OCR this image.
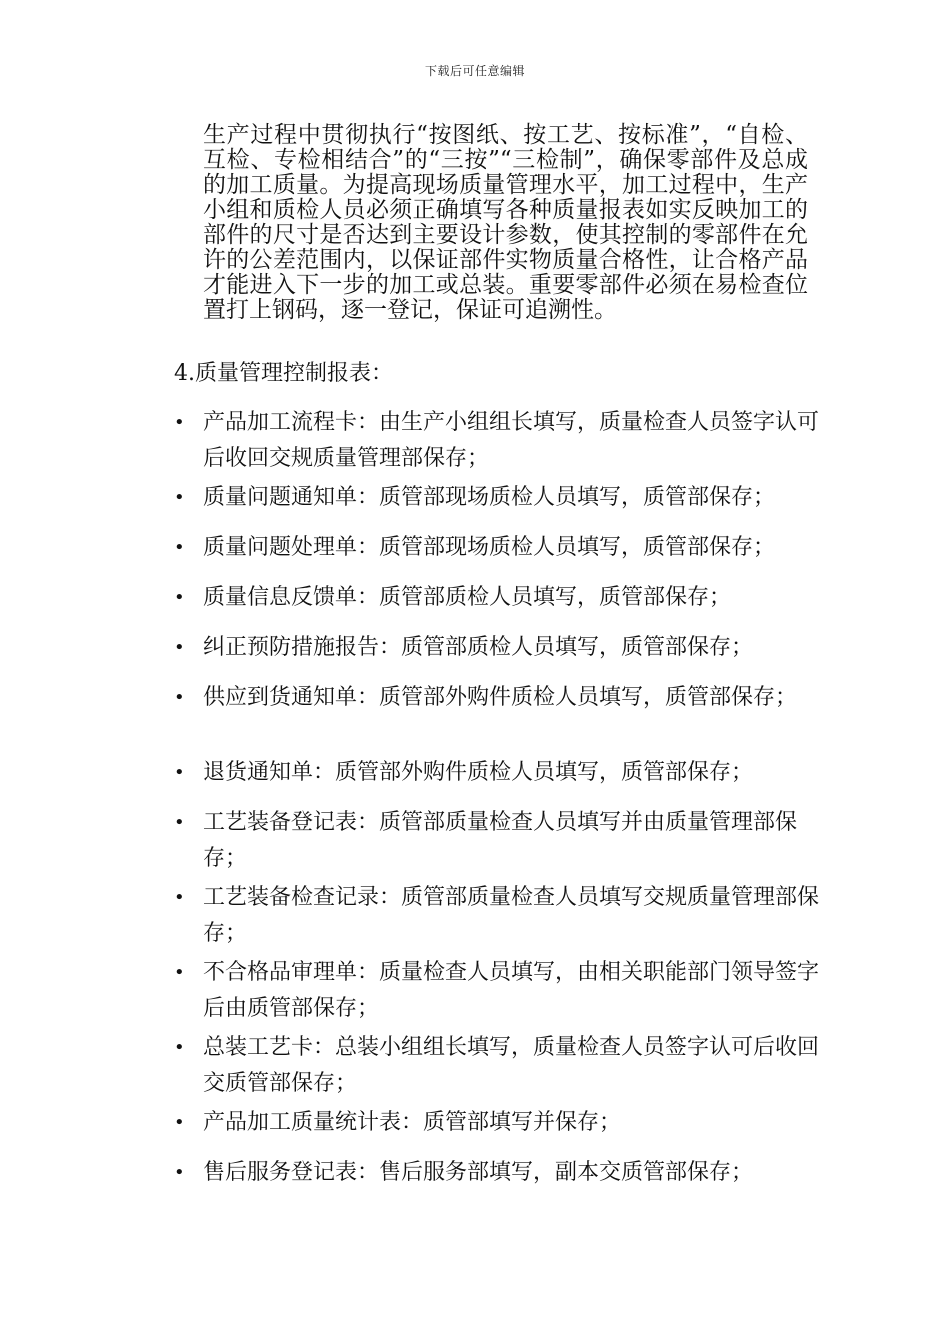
下载后可任意编辑

生产过程中贯彻执行“按图纸、按工艺、按标准”，“自检、互检、专检相结合”的“三按”“三检制”，确保零部件及总成的加工质量。为提高现场质量管理水平，加工过程中，生产小组和质检人员必须正确填写各种质量报表如实反映加工的部件的尺寸是否达到主要设计参数，使其控制的零部件在允许的公差范围内，以保证部件实物质量合格性，让合格产品才能进入下一步的加工或总装。重要零部件必须在易检查位置打上钢码，逐一登记，保证可追溯性。

4.质量管理控制报表：

• 产品加工流程卡：由生产小组组长填写，质量检查人员签字认可后收回交规质量管理部保存；
• 质量问题通知单：质管部现场质检人员填写，质管部保存；
• 质量问题处理单：质管部现场质检人员填写，质管部保存；
• 质量信息反馈单：质管部质检人员填写，质管部保存；
• 纠正预防措施报告：质管部质检人员填写，质管部保存；
• 供应到货通知单：质管部外购件质检人员填写，质管部保存；
• 退货通知单：质管部外购件质检人员填写，质管部保存；
• 工艺装备登记表：质管部质量检查人员填写并由质量管理部保存；
• 工艺装备检查记录：质管部质量检查人员填写交规质量管理部保存；
• 不合格品审理单：质量检查人员填写，由相关职能部门领导签字后由质管部保存；
• 总装工艺卡：总装小组组长填写，质量检查人员签字认可后收回交质管部保存；
• 产品加工质量统计表：质管部填写并保存；
• 售后服务登记表：售后服务部填写，副本交质管部保存；
